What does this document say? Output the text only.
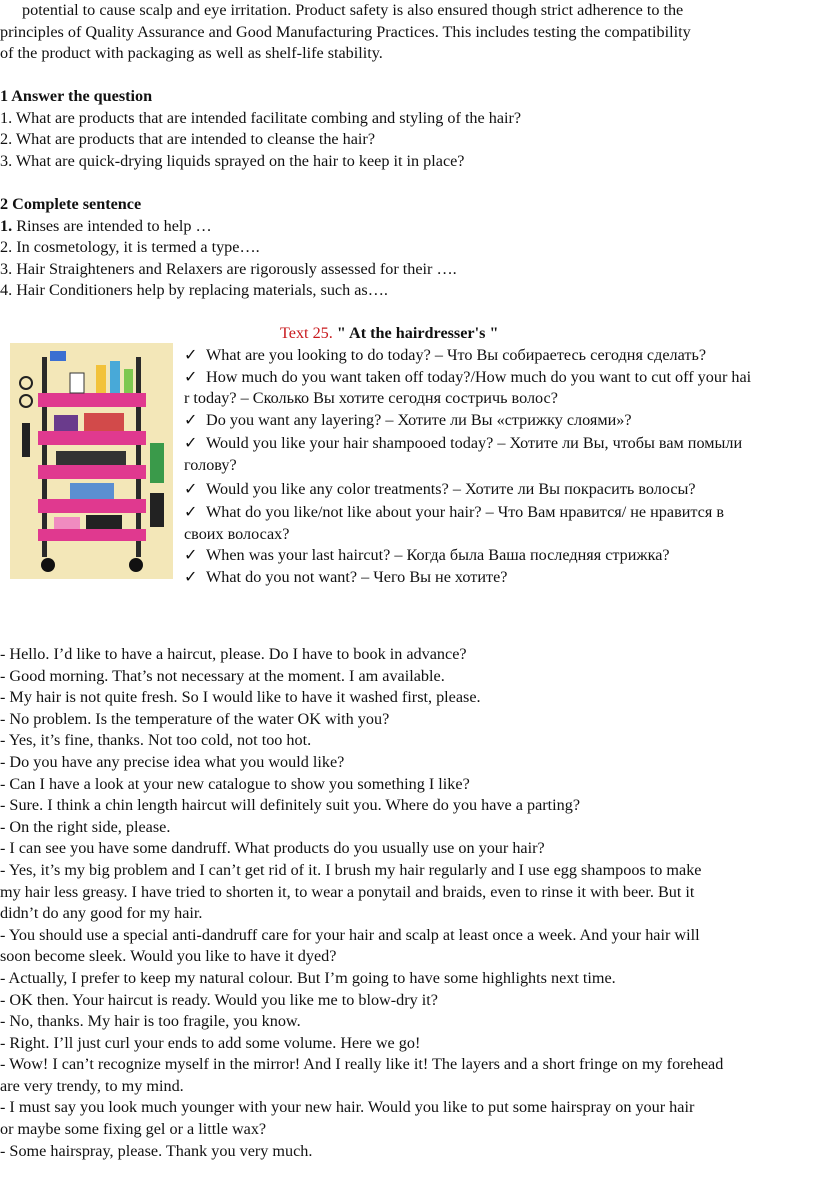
potential to cause scalp and eye irritation. Product safety is also ensured though strict adherence to the

principles of Quality Assurance and Good Manufacturing Practices. This includes testing the compatibility

of the product with packaging as well as shelf-life stability.

1 Answer the question

1. What are products that are intended facilitate combing and styling of the hair?

2. What are products that are intended to cleanse the hair?

3. What are quick-drying liquids sprayed on the hair to keep it in place?

2 Complete sentence

1. Rinses are intended to help …

2. In cosmetology, it is termed a type….

3. Hair Straighteners and Relaxers are rigorously assessed for their ….

4. Hair Conditioners help by replacing materials, such as….

Text 25. " At the hairdresser's "

✓ What are you looking to do today? – Что Вы собираетесь сегодня сделать?

✓ How much do you want taken off today?/How much do you want to cut off your hai

r today? – Сколько Вы хотите сегодня состричь волос?

✓ Do you want any layering? – Хотите ли Вы «стрижку слоями»?

✓ Would you like your hair shampooed today? – Хотите ли Вы, чтобы вам помыли

голову?

✓ Would you like any color treatments? – Хотите ли Вы покрасить волосы?

✓ What do you like/not like about your hair? – Что Вам нравится/ не нравится в

своих волосах?

✓ When was your last haircut? – Когда была Ваша последняя стрижка?

✓ What do you not want? – Чего Вы не хотите?

- Hello. I’d like to have a haircut, please. Do I have to book in advance?

- Good morning. That’s not necessary at the moment. I am available.

- My hair is not quite fresh. So I would like to have it washed first, please.

- No problem. Is the temperature of the water OK with you?

- Yes, it’s fine, thanks. Not too cold, not too hot.

- Do you have any precise idea what you would like?

- Can I have a look at your new catalogue to show you something I like?

- Sure. I think a chin length haircut will definitely suit you. Where do you have a parting?

- On the right side, please.

- I can see you have some dandruff. What products do you usually use on your hair?

- Yes, it’s my big problem and I can’t get rid of it. I brush my hair regularly and I use egg shampoos to make

my hair less greasy. I have tried to shorten it, to wear a ponytail and braids, even to rinse it with beer. But it

didn’t do any good for my hair.

- You should use a special anti-dandruff care for your hair and scalp at least once a week. And your hair will

soon become sleek. Would you like to have it dyed?

- Actually, I prefer to keep my natural colour. But I’m going to have some highlights next time.

- OK then. Your haircut is ready. Would you like me to blow-dry it?

- No, thanks. My hair is too fragile, you know.

- Right. I’ll just curl your ends to add some volume. Here we go!

- Wow! I can’t recognize myself in the mirror! And I really like it! The layers and a short fringe on my forehead

are very trendy, to my mind.

- I must say you look much younger with your new hair. Would you like to put some hairspray on your hair

or maybe some fixing gel or a little wax?

- Some hairspray, please. Thank you very much.
